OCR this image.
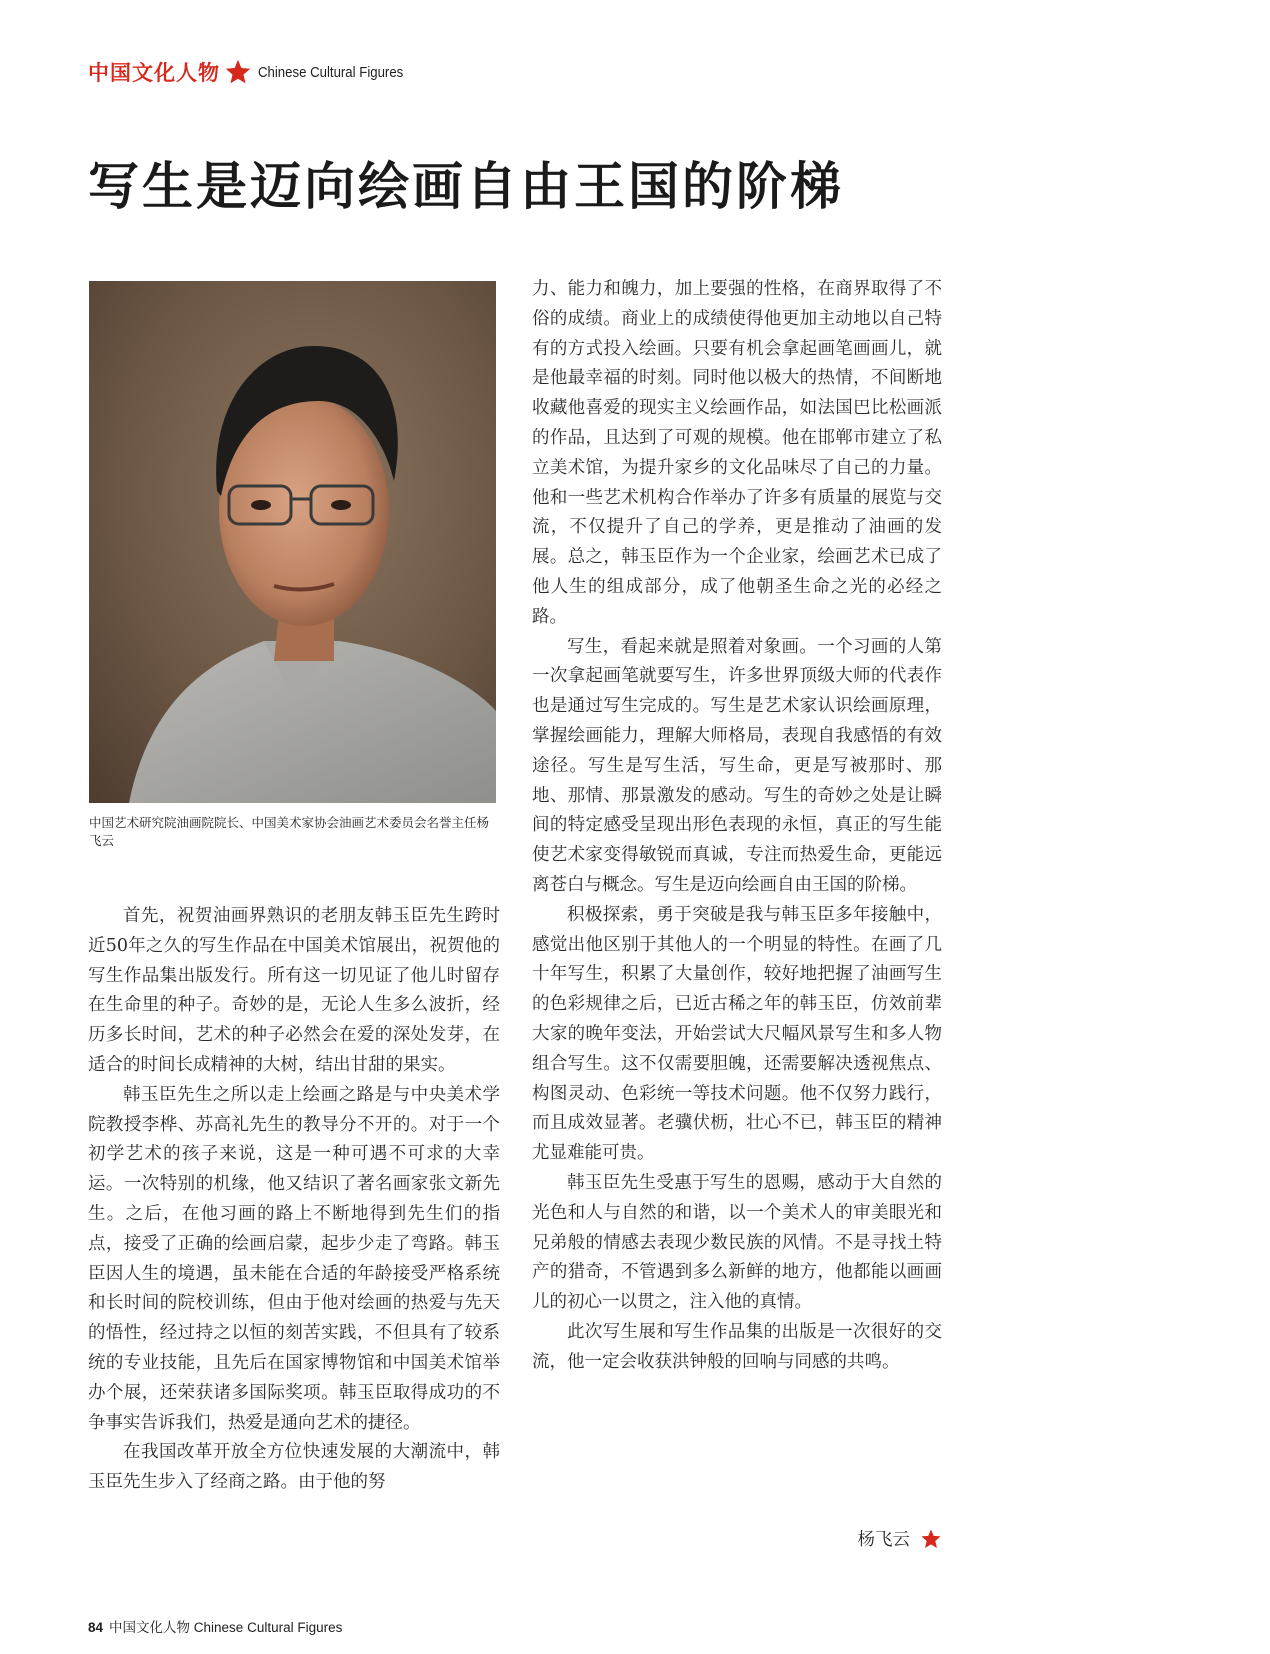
中国文化人物	Chinese Cultural Figures
写生是迈向绘画自由王国的阶梯
中国艺术研究院油画院院长、中国美术家协会油画艺术委员会名誉主任杨飞云

首先，祝贺油画界熟识的老朋友韩玉臣先生跨时近50年之久的写生作品在中国美术馆展出，祝贺他的写生作品集出版发行。所有这一切见证了他儿时留存在生命里的种子。奇妙的是，无论人生多么波折，经历多长时间，艺术的种子必然会在爱的深处发芽，在适合的时间长成精神的大树，结出甘甜的果实。

韩玉臣先生之所以走上绘画之路是与中央美术学院教授李桦、苏高礼先生的教导分不开的。对于一个初学艺术的孩子来说，这是一种可遇不可求的大幸运。一次特别的机缘，他又结识了著名画家张文新先生。之后，在他习画的路上不断地得到先生们的指点，接受了正确的绘画启蒙，起步少走了弯路。韩玉臣因人生的境遇，虽未能在合适的年龄接受严格系统和长时间的院校训练，但由于他对绘画的热爱与先天的悟性，经过持之以恒的刻苦实践，不但具有了较系统的专业技能，且先后在国家博物馆和中国美术馆举办个展，还荣获诸多国际奖项。韩玉臣取得成功的不争事实告诉我们，热爱是通向艺术的捷径。

在我国改革开放全方位快速发展的大潮流中，韩玉臣先生步入了经商之路。由于他的努

力、能力和魄力，加上要强的性格，在商界取得了不俗的成绩。商业上的成绩使得他更加主动地以自己特有的方式投入绘画。只要有机会拿起画笔画画儿，就是他最幸福的时刻。同时他以极大的热情，不间断地收藏他喜爱的现实主义绘画作品，如法国巴比松画派的作品，且达到了可观的规模。他在邯郸市建立了私立美术馆，为提升家乡的文化品味尽了自己的力量。他和一些艺术机构合作举办了许多有质量的展览与交流，不仅提升了自己的学养，更是推动了油画的发展。总之，韩玉臣作为一个企业家，绘画艺术已成了他人生的组成部分，成了他朝圣生命之光的必经之路。

写生，看起来就是照着对象画。一个习画的人第一次拿起画笔就要写生，许多世界顶级大师的代表作也是通过写生完成的。写生是艺术家认识绘画原理，掌握绘画能力，理解大师格局，表现自我感悟的有效途径。写生是写生活，写生命，更是写被那时、那地、那情、那景激发的感动。写生的奇妙之处是让瞬间的特定感受呈现出形色表现的永恒，真正的写生能使艺术家变得敏锐而真诚，专注而热爱生命，更能远离苍白与概念。写生是迈向绘画自由王国的阶梯。

积极探索，勇于突破是我与韩玉臣多年接触中，感觉出他区别于其他人的一个明显的特性。在画了几十年写生，积累了大量创作，较好地把握了油画写生的色彩规律之后，已近古稀之年的韩玉臣，仿效前辈大家的晚年变法，开始尝试大尺幅风景写生和多人物组合写生。这不仅需要胆魄，还需要解决透视焦点、构图灵动、色彩统一等技术问题。他不仅努力践行，而且成效显著。老骥伏枥，壮心不已，韩玉臣的精神尤显难能可贵。

韩玉臣先生受惠于写生的恩赐，感动于大自然的光色和人与自然的和谐，以一个美术人的审美眼光和兄弟般的情感去表现少数民族的风情。不是寻找土特产的猎奇，不管遇到多么新鲜的地方，他都能以画画儿的初心一以贯之，注入他的真情。

此次写生展和写生作品集的出版是一次很好的交流，他一定会收获洪钟般的回响与同感的共鸣。

杨飞云
84 中国文化人物 Chinese Cultural Figures
